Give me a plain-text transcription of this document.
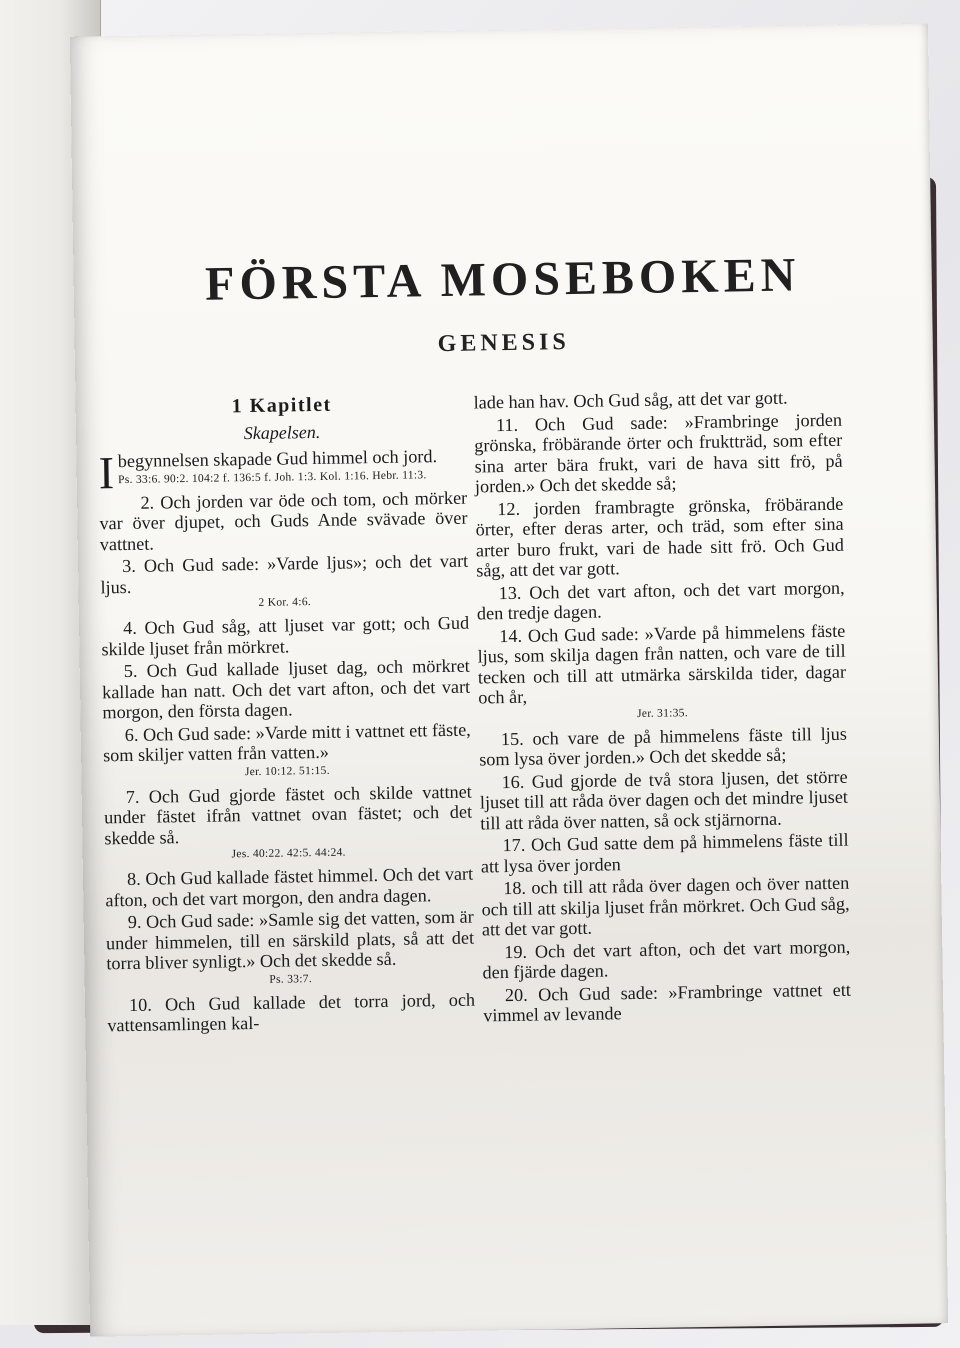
FÖRSTA MOSEBOKEN
GENESIS
1 Kapitlet
Skapelsen.

Ibegynnelsen skapade Gud himmel och jord.

Ps. 33:6. 90:2. 104:2 f. 136:5 f. Joh. 1:3. Kol. 1:16. Hebr. 11:3.

2. Och jorden var öde och tom, och mörker var över djupet, och Guds Ande svävade över vattnet.

3. Och Gud sade: »Varde ljus»; och det vart ljus.

2 Kor. 4:6.

4. Och Gud såg, att ljuset var gott; och Gud skilde ljuset från mörkret.

5. Och Gud kallade ljuset dag, och mörkret kallade han natt. Och det vart afton, och det vart morgon, den första dagen.

6. Och Gud sade: »Varde mitt i vattnet ett fäste, som skiljer vatten från vatten.»

Jer. 10:12. 51:15.

7. Och Gud gjorde fästet och skilde vattnet under fästet ifrån vattnet ovan fästet; och det skedde så.

Jes. 40:22. 42:5. 44:24.

8. Och Gud kallade fästet himmel. Och det vart afton, och det vart morgon, den andra dagen.

9. Och Gud sade: »Samle sig det vatten, som är under himmelen, till en särskild plats, så att det torra bliver synligt.» Och det skedde så.

Ps. 33:7.

10. Och Gud kallade det torra jord, och vattensamlingen kal-

lade han hav. Och Gud såg, att det var gott.

11. Och Gud sade: »Frambringe jorden grönska, fröbärande örter och fruktträd, som efter sina arter bära frukt, vari de hava sitt frö, på jorden.» Och det skedde så;

12. jorden frambragte grönska, fröbärande örter, efter deras arter, och träd, som efter sina arter buro frukt, vari de hade sitt frö. Och Gud såg, att det var gott.

13. Och det vart afton, och det vart morgon, den tredje dagen.

14. Och Gud sade: »Varde på himmelens fäste ljus, som skilja dagen från natten, och vare de till tecken och till att utmärka särskilda tider, dagar och år,

Jer. 31:35.

15. och vare de på himmelens fäste till ljus som lysa över jorden.» Och det skedde så;

16. Gud gjorde de två stora ljusen, det större ljuset till att råda över dagen och det mindre ljuset till att råda över natten, så ock stjärnorna.

17. Och Gud satte dem på himmelens fäste till att lysa över jorden

18. och till att råda över dagen och över natten och till att skilja ljuset från mörkret. Och Gud såg, att det var gott.

19. Och det vart afton, och det vart morgon, den fjärde dagen.

20. Och Gud sade: »Frambringe vattnet ett vimmel av levande
